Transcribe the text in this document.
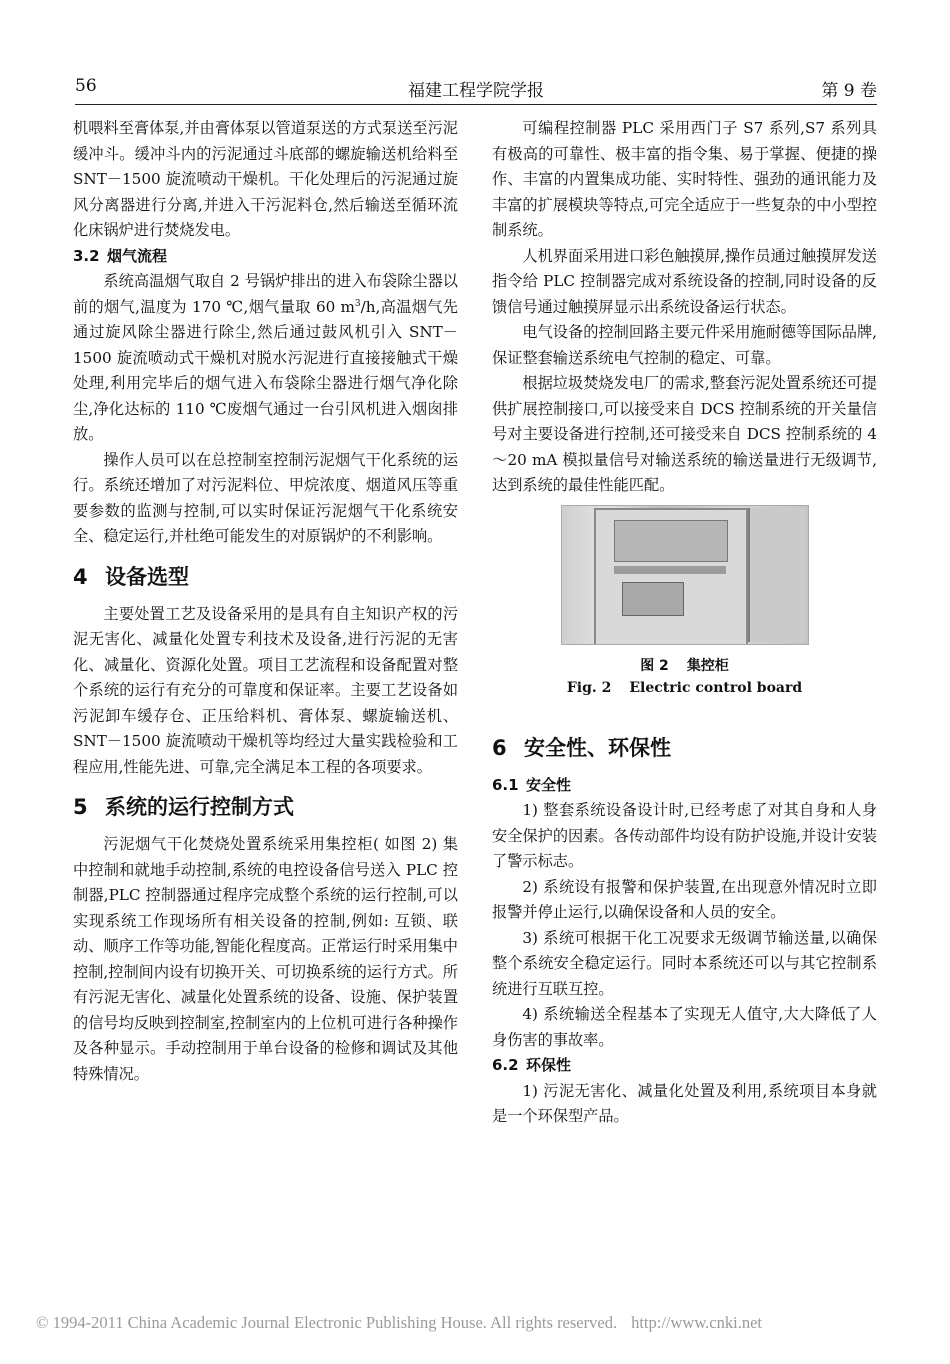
56	福建工程学院学报	第 9 卷

机喂料至膏体泵,并由膏体泵以管道泵送的方式泵送至污泥缓冲斗。缓冲斗内的污泥通过斗底部的螺旋输送机给料至 SNT－1500 旋流喷动干燥机。干化处理后的污泥通过旋风分离器进行分离,并进入干污泥料仓,然后输送至循环流化床锅炉进行焚烧发电。

3.2 烟气流程

系统高温烟气取自 2 号锅炉排出的进入布袋除尘器以前的烟气,温度为 170 ℃,烟气量取 60 $m^3/h$,高温烟气先通过旋风除尘器进行除尘,然后通过鼓风机引入 SNT－1500 旋流喷动式干燥机对脱水污泥进行直接接触式干燥处理,利用完毕后的烟气进入布袋除尘器进行烟气净化除尘,净化达标的 110 ℃废烟气通过一台引风机进入烟囱排放。

操作人员可以在总控制室控制污泥烟气干化系统的运行。系统还增加了对污泥料位、甲烷浓度、烟道风压等重要参数的监测与控制,可以实时保证污泥烟气干化系统安全、稳定运行,并杜绝可能发生的对原锅炉的不利影响。

4 设备选型

主要处置工艺及设备采用的是具有自主知识产权的污泥无害化、减量化处置专利技术及设备,进行污泥的无害化、减量化、资源化处置。项目工艺流程和设备配置对整个系统的运行有充分的可靠度和保证率。主要工艺设备如污泥卸车缓存仓、正压给料机、膏体泵、螺旋输送机、SNT－1500 旋流喷动干燥机等均经过大量实践检验和工程应用,性能先进、可靠,完全满足本工程的各项要求。

5 系统的运行控制方式

污泥烟气干化焚烧处置系统采用集控柜( 如图 2) 集中控制和就地手动控制,系统的电控设备信号送入 PLC 控制器,PLC 控制器通过程序完成整个系统的运行控制,可以实现系统工作现场所有相关设备的控制,例如: 互锁、联动、顺序工作等功能,智能化程度高。正常运行时采用集中控制,控制间内设有切换开关、可切换系统的运行方式。所有污泥无害化、减量化处置系统的设备、设施、保护装置的信号均反映到控制室,控制室内的上位机可进行各种操作及各种显示。手动控制用于单台设备的检修和调试及其他特殊情况。

可编程控制器 PLC 采用西门子 S7 系列,S7 系列具有极高的可靠性、极丰富的指令集、易于掌握、便捷的操作、丰富的内置集成功能、实时特性、强劲的通讯能力及丰富的扩展模块等特点,可完全适应于一些复杂的中小型控制系统。

人机界面采用进口彩色触摸屏,操作员通过触摸屏发送指令给 PLC 控制器完成对系统设备的控制,同时设备的反馈信号通过触摸屏显示出系统设备运行状态。

电气设备的控制回路主要元件采用施耐德等国际品牌,保证整套输送系统电气控制的稳定、可靠。

根据垃圾焚烧发电厂的需求,整套污泥处置系统还可提供扩展控制接口,可以接受来自 DCS 控制系统的开关量信号对主要设备进行控制,还可接受来自 DCS 控制系统的 4～20 mA 模拟量信号对输送系统的输送量进行无级调节,达到系统的最佳性能匹配。

图 2 集控柜
Fig. 2 Electric control board
6 安全性、环保性
6.1 安全性

1) 整套系统设备设计时,已经考虑了对其自身和人身安全保护的因素。各传动部件均设有防护设施,并设计安装了警示标志。

2) 系统设有报警和保护装置,在出现意外情况时立即报警并停止运行,以确保设备和人员的安全。

3) 系统可根据干化工况要求无级调节输送量,以确保整个系统安全稳定运行。同时本系统还可以与其它控制系统进行互联互控。

4) 系统输送全程基本了实现无人值守,大大降低了人身伤害的事故率。

6.2 环保性

1) 污泥无害化、减量化处置及利用,系统项目本身就是一个环保型产品。

© 1994-2011 China Academic Journal Electronic Publishing House. All rights reserved. http://www.cnki.net
